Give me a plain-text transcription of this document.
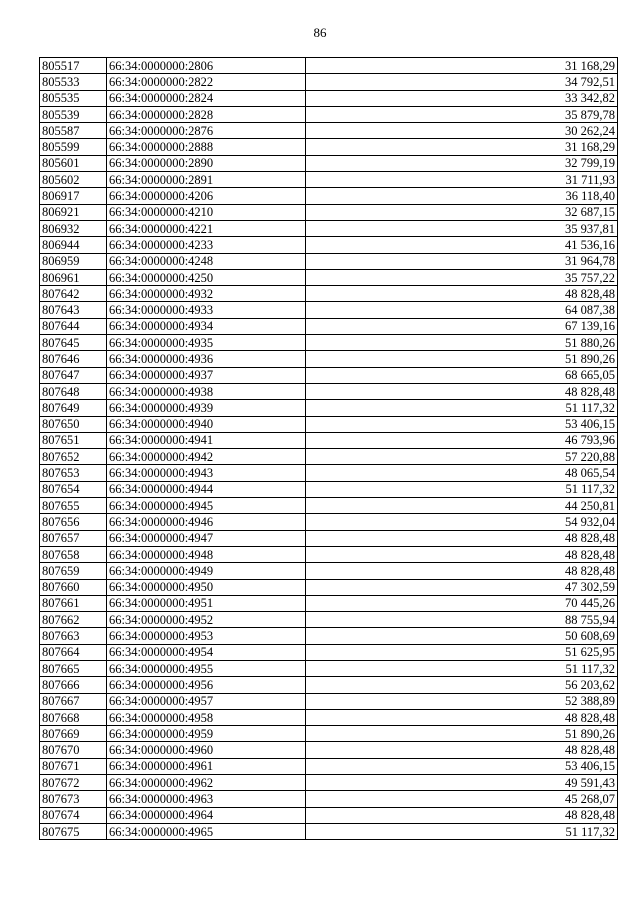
86
805517	66:34:0000000:2806	31 168,29
805533	66:34:0000000:2822	34 792,51
805535	66:34:0000000:2824	33 342,82
805539	66:34:0000000:2828	35 879,78
805587	66:34:0000000:2876	30 262,24
805599	66:34:0000000:2888	31 168,29
805601	66:34:0000000:2890	32 799,19
805602	66:34:0000000:2891	31 711,93
806917	66:34:0000000:4206	36 118,40
806921	66:34:0000000:4210	32 687,15
806932	66:34:0000000:4221	35 937,81
806944	66:34:0000000:4233	41 536,16
806959	66:34:0000000:4248	31 964,78
806961	66:34:0000000:4250	35 757,22
807642	66:34:0000000:4932	48 828,48
807643	66:34:0000000:4933	64 087,38
807644	66:34:0000000:4934	67 139,16
807645	66:34:0000000:4935	51 880,26
807646	66:34:0000000:4936	51 890,26
807647	66:34:0000000:4937	68 665,05
807648	66:34:0000000:4938	48 828,48
807649	66:34:0000000:4939	51 117,32
807650	66:34:0000000:4940	53 406,15
807651	66:34:0000000:4941	46 793,96
807652	66:34:0000000:4942	57 220,88
807653	66:34:0000000:4943	48 065,54
807654	66:34:0000000:4944	51 117,32
807655	66:34:0000000:4945	44 250,81
807656	66:34:0000000:4946	54 932,04
807657	66:34:0000000:4947	48 828,48
807658	66:34:0000000:4948	48 828,48
807659	66:34:0000000:4949	48 828,48
807660	66:34:0000000:4950	47 302,59
807661	66:34:0000000:4951	70 445,26
807662	66:34:0000000:4952	88 755,94
807663	66:34:0000000:4953	50 608,69
807664	66:34:0000000:4954	51 625,95
807665	66:34:0000000:4955	51 117,32
807666	66:34:0000000:4956	56 203,62
807667	66:34:0000000:4957	52 388,89
807668	66:34:0000000:4958	48 828,48
807669	66:34:0000000:4959	51 890,26
807670	66:34:0000000:4960	48 828,48
807671	66:34:0000000:4961	53 406,15
807672	66:34:0000000:4962	49 591,43
807673	66:34:0000000:4963	45 268,07
807674	66:34:0000000:4964	48 828,48
807675	66:34:0000000:4965	51 117,32
